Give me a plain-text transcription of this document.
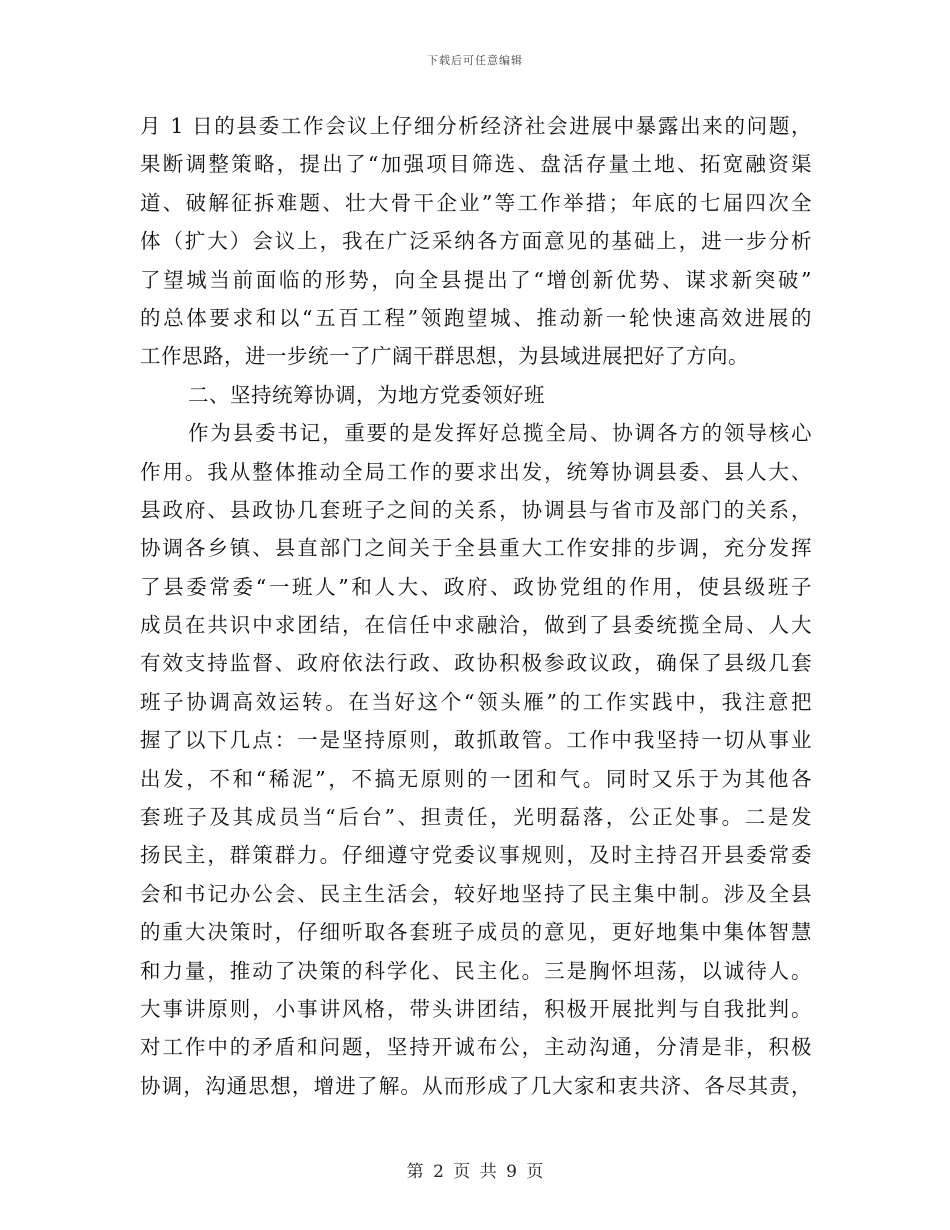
下载后可任意编辑
月 1 日的县委工作会议上仔细分析经济社会进展中暴露出来的问题，
果断调整策略，提出了“加强项目筛选、盘活存量土地、拓宽融资渠
道、破解征拆难题、壮大骨干企业”等工作举措；年底的七届四次全
体（扩大）会议上，我在广泛采纳各方面意见的基础上，进一步分析
了望城当前面临的形势，向全县提出了“增创新优势、谋求新突破”
的总体要求和以“五百工程”领跑望城、推动新一轮快速高效进展的
工作思路，进一步统一了广阔干群思想，为县域进展把好了方向。
二、坚持统筹协调，为地方党委领好班
作为县委书记，重要的是发挥好总揽全局、协调各方的领导核心
作用。我从整体推动全局工作的要求出发，统筹协调县委、县人大、
县政府、县政协几套班子之间的关系，协调县与省市及部门的关系，
协调各乡镇、县直部门之间关于全县重大工作安排的步调，充分发挥
了县委常委“一班人”和人大、政府、政协党组的作用，使县级班子
成员在共识中求团结，在信任中求融洽，做到了县委统揽全局、人大
有效支持监督、政府依法行政、政协积极参政议政，确保了县级几套
班子协调高效运转。在当好这个“领头雁”的工作实践中，我注意把
握了以下几点：一是坚持原则，敢抓敢管。工作中我坚持一切从事业
出发，不和“稀泥”，不搞无原则的一团和气。同时又乐于为其他各
套班子及其成员当“后台”、担责任，光明磊落，公正处事。二是发
扬民主，群策群力。仔细遵守党委议事规则，及时主持召开县委常委
会和书记办公会、民主生活会，较好地坚持了民主集中制。涉及全县
的重大决策时，仔细听取各套班子成员的意见，更好地集中集体智慧
和力量，推动了决策的科学化、民主化。三是胸怀坦荡，以诚待人。
大事讲原则，小事讲风格，带头讲团结，积极开展批判与自我批判。
对工作中的矛盾和问题，坚持开诚布公，主动沟通，分清是非，积极
协调，沟通思想，增进了解。从而形成了几大家和衷共济、各尽其责，
第 2 页 共 9 页
